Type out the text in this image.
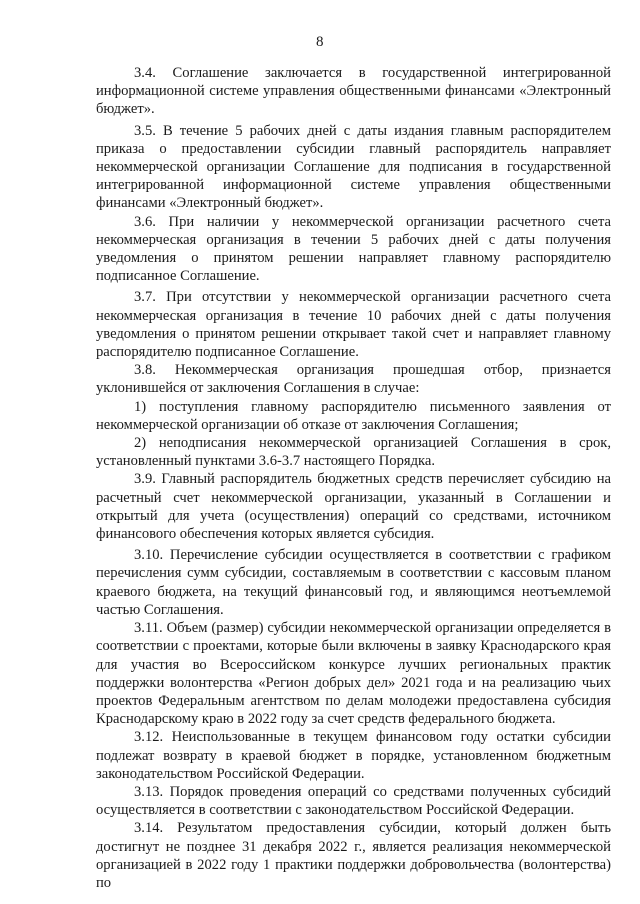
8

3.4. Соглашение заключается в государственной интегрированной информационной системе управления общественными финансами «Электронный бюджет».

3.5. В течение 5 рабочих дней с даты издания главным распорядителем приказа о предоставлении субсидии главный распорядитель направляет некоммерческой организации Соглашение для подписания в государственной интегрированной информационной системе управления общественными финансами «Электронный бюджет».

3.6. При наличии у некоммерческой организации расчетного счета некоммерческая организация в течении 5 рабочих дней с даты получения уведомления о принятом решении направляет главному распорядителю подписанное Соглашение.

3.7. При отсутствии у некоммерческой организации расчетного счета некоммерческая организация в течение 10 рабочих дней с даты получения уведомления о принятом решении открывает такой счет и направляет главному распорядителю подписанное Соглашение.

3.8. Некоммерческая организация прошедшая отбор, признается уклонившейся от заключения Соглашения в случае:

1) поступления главному распорядителю письменного заявления от некоммерческой организации об отказе от заключения Соглашения;

2) неподписания некоммерческой организацией Соглашения в срок, установленный пунктами 3.6-3.7 настоящего Порядка.

3.9. Главный распорядитель бюджетных средств перечисляет субсидию на расчетный счет некоммерческой организации, указанный в Соглашении и открытый для учета (осуществления) операций со средствами, источником финансового обеспечения которых является субсидия.

3.10. Перечисление субсидии осуществляется в соответствии с графиком перечисления сумм субсидии, составляемым в соответствии с кассовым планом краевого бюджета, на текущий финансовый год, и являющимся неотъемлемой частью Соглашения.

3.11. Объем (размер) субсидии некоммерческой организации определяется в соответствии с проектами, которые были включены в заявку Краснодарского края для участия во Всероссийском конкурсе лучших региональных практик поддержки волонтерства «Регион добрых дел» 2021 года и на реализацию чьих проектов Федеральным агентством по делам молодежи предоставлена субсидия Краснодарскому краю в 2022 году за счет средств федерального бюджета.

3.12. Неиспользованные в текущем финансовом году остатки субсидии подлежат возврату в краевой бюджет в порядке, установленном бюджетным законодательством Российской Федерации.

3.13. Порядок проведения операций со средствами полученных субсидий осуществляется в соответствии с законодательством Российской Федерации.

3.14. Результатом предоставления субсидии, который должен быть достигнут не позднее 31 декабря 2022 г., является реализация некоммерческой организацией в 2022 году 1 практики поддержки добровольчества (волонтерства) по
